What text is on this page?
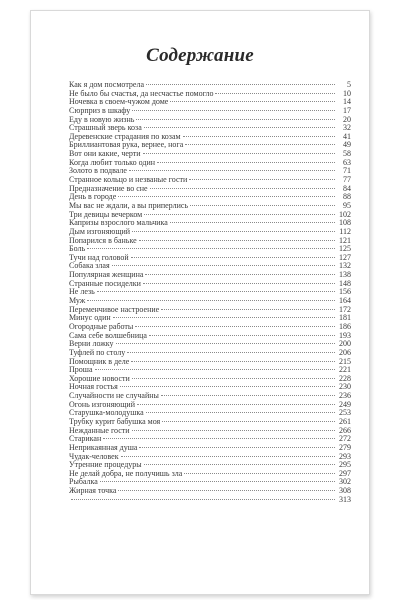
Содержание
Как я дом посмотрела	5
Не было бы счастья, да несчастье помогло	10
Ночевка в своем-чужом доме	14
Сюрприз в шкафу	17
Еду в новую жизнь	20
Страшный зверь коза	32
Деревенские страдания по козам	41
Бриллиантовая рука, вернее, нога	49
Вот они какие, черти	58
Когда любит только один	63
Золото в подвале	71
Странное кольцо и незваные гости	77
Предназначение во сне	84
День в городе	88
Мы вас не ждали, а вы приперлись	95
Три девицы вечерком	102
Капризы взрослого мальчика	108
Дым изгоняющий	112
Попарился в баньке	121
Боль	125
Тучи над головой	127
Собака злая	132
Популярная женщина	138
Странные посиделки	148
Не лезь	156
Муж	164
Переменчивое настроение	172
Минус один	181
Огородные работы	186
Сама себе волшебница	193
Верни ложку	200
Туфлей по столу	206
Помощник в деле	215
Проша	221
Хорошие новости	228
Ночная гостья	230
Случайности не случайны	236
Огонь изгоняющий	249
Старушка-молодушка	253
Трубку курит бабушка моя	261
Нежданные гости	266
Старикан	272
Неприкаянная душа	279
Чудак-человек	293
Утренние процедуры	295
Не делай добра, не получишь зла	297
Рыбалка	302
Жирная точка	308
313
